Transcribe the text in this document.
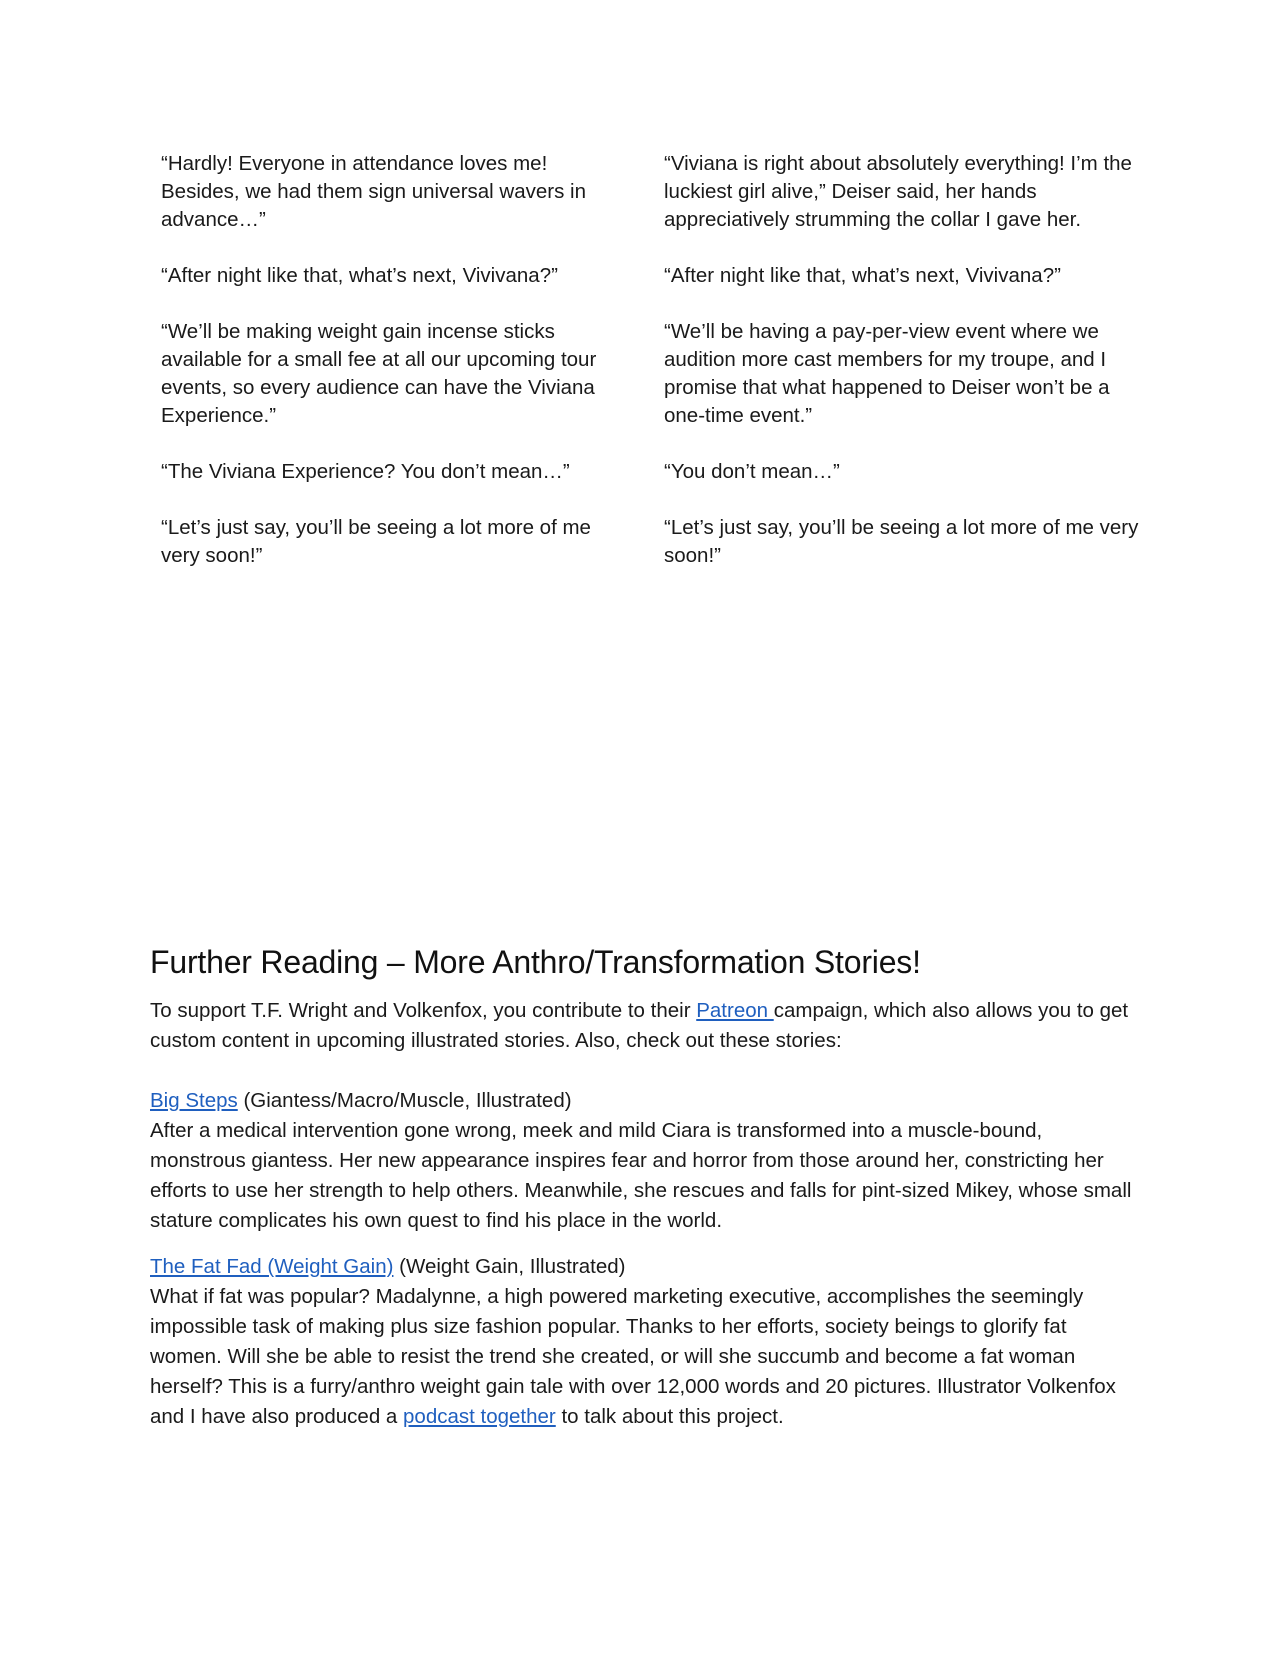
“Hardly! Everyone in attendance loves me! Besides, we had them sign universal wavers in advance…”

“After night like that, what’s next, Vivivana?”

“We’ll be making weight gain incense sticks available for a small fee at all our upcoming tour events, so every audience can have the Viviana Experience.”

“The Viviana Experience? You don’t mean…”

“Let’s just say, you’ll be seeing a lot more of me very soon!”

“Viviana is right about absolutely everything! I’m the luckiest girl alive,” Deiser said, her hands appreciatively strumming the collar I gave her.

“After night like that, what’s next, Vivivana?”

“We’ll be having a pay-per-view event where we audition more cast members for my troupe, and I promise that what happened to Deiser won’t be a one-time event.”

“You don’t mean…”

“Let’s just say, you’ll be seeing a lot more of me very soon!”

Further Reading – More Anthro/Transformation Stories!

To support T.F. Wright and Volkenfox, you contribute to their Patreon campaign, which also allows you to get custom content in upcoming illustrated stories. Also, check out these stories:

Big Steps (Giantess/Macro/Muscle, Illustrated)
After a medical intervention gone wrong, meek and mild Ciara is transformed into a muscle-bound, monstrous giantess. Her new appearance inspires fear and horror from those around her, constricting her efforts to use her strength to help others. Meanwhile, she rescues and falls for pint-sized Mikey, whose small stature complicates his own quest to find his place in the world.
The Fat Fad (Weight Gain) (Weight Gain, Illustrated)
What if fat was popular? Madalynne, a high powered marketing executive, accomplishes the seemingly impossible task of making plus size fashion popular. Thanks to her efforts, society beings to glorify fat women. Will she be able to resist the trend she created, or will she succumb and become a fat woman herself? This is a furry/anthro weight gain tale with over 12,000 words and 20 pictures. Illustrator Volkenfox and I have also produced a podcast together to talk about this project.
